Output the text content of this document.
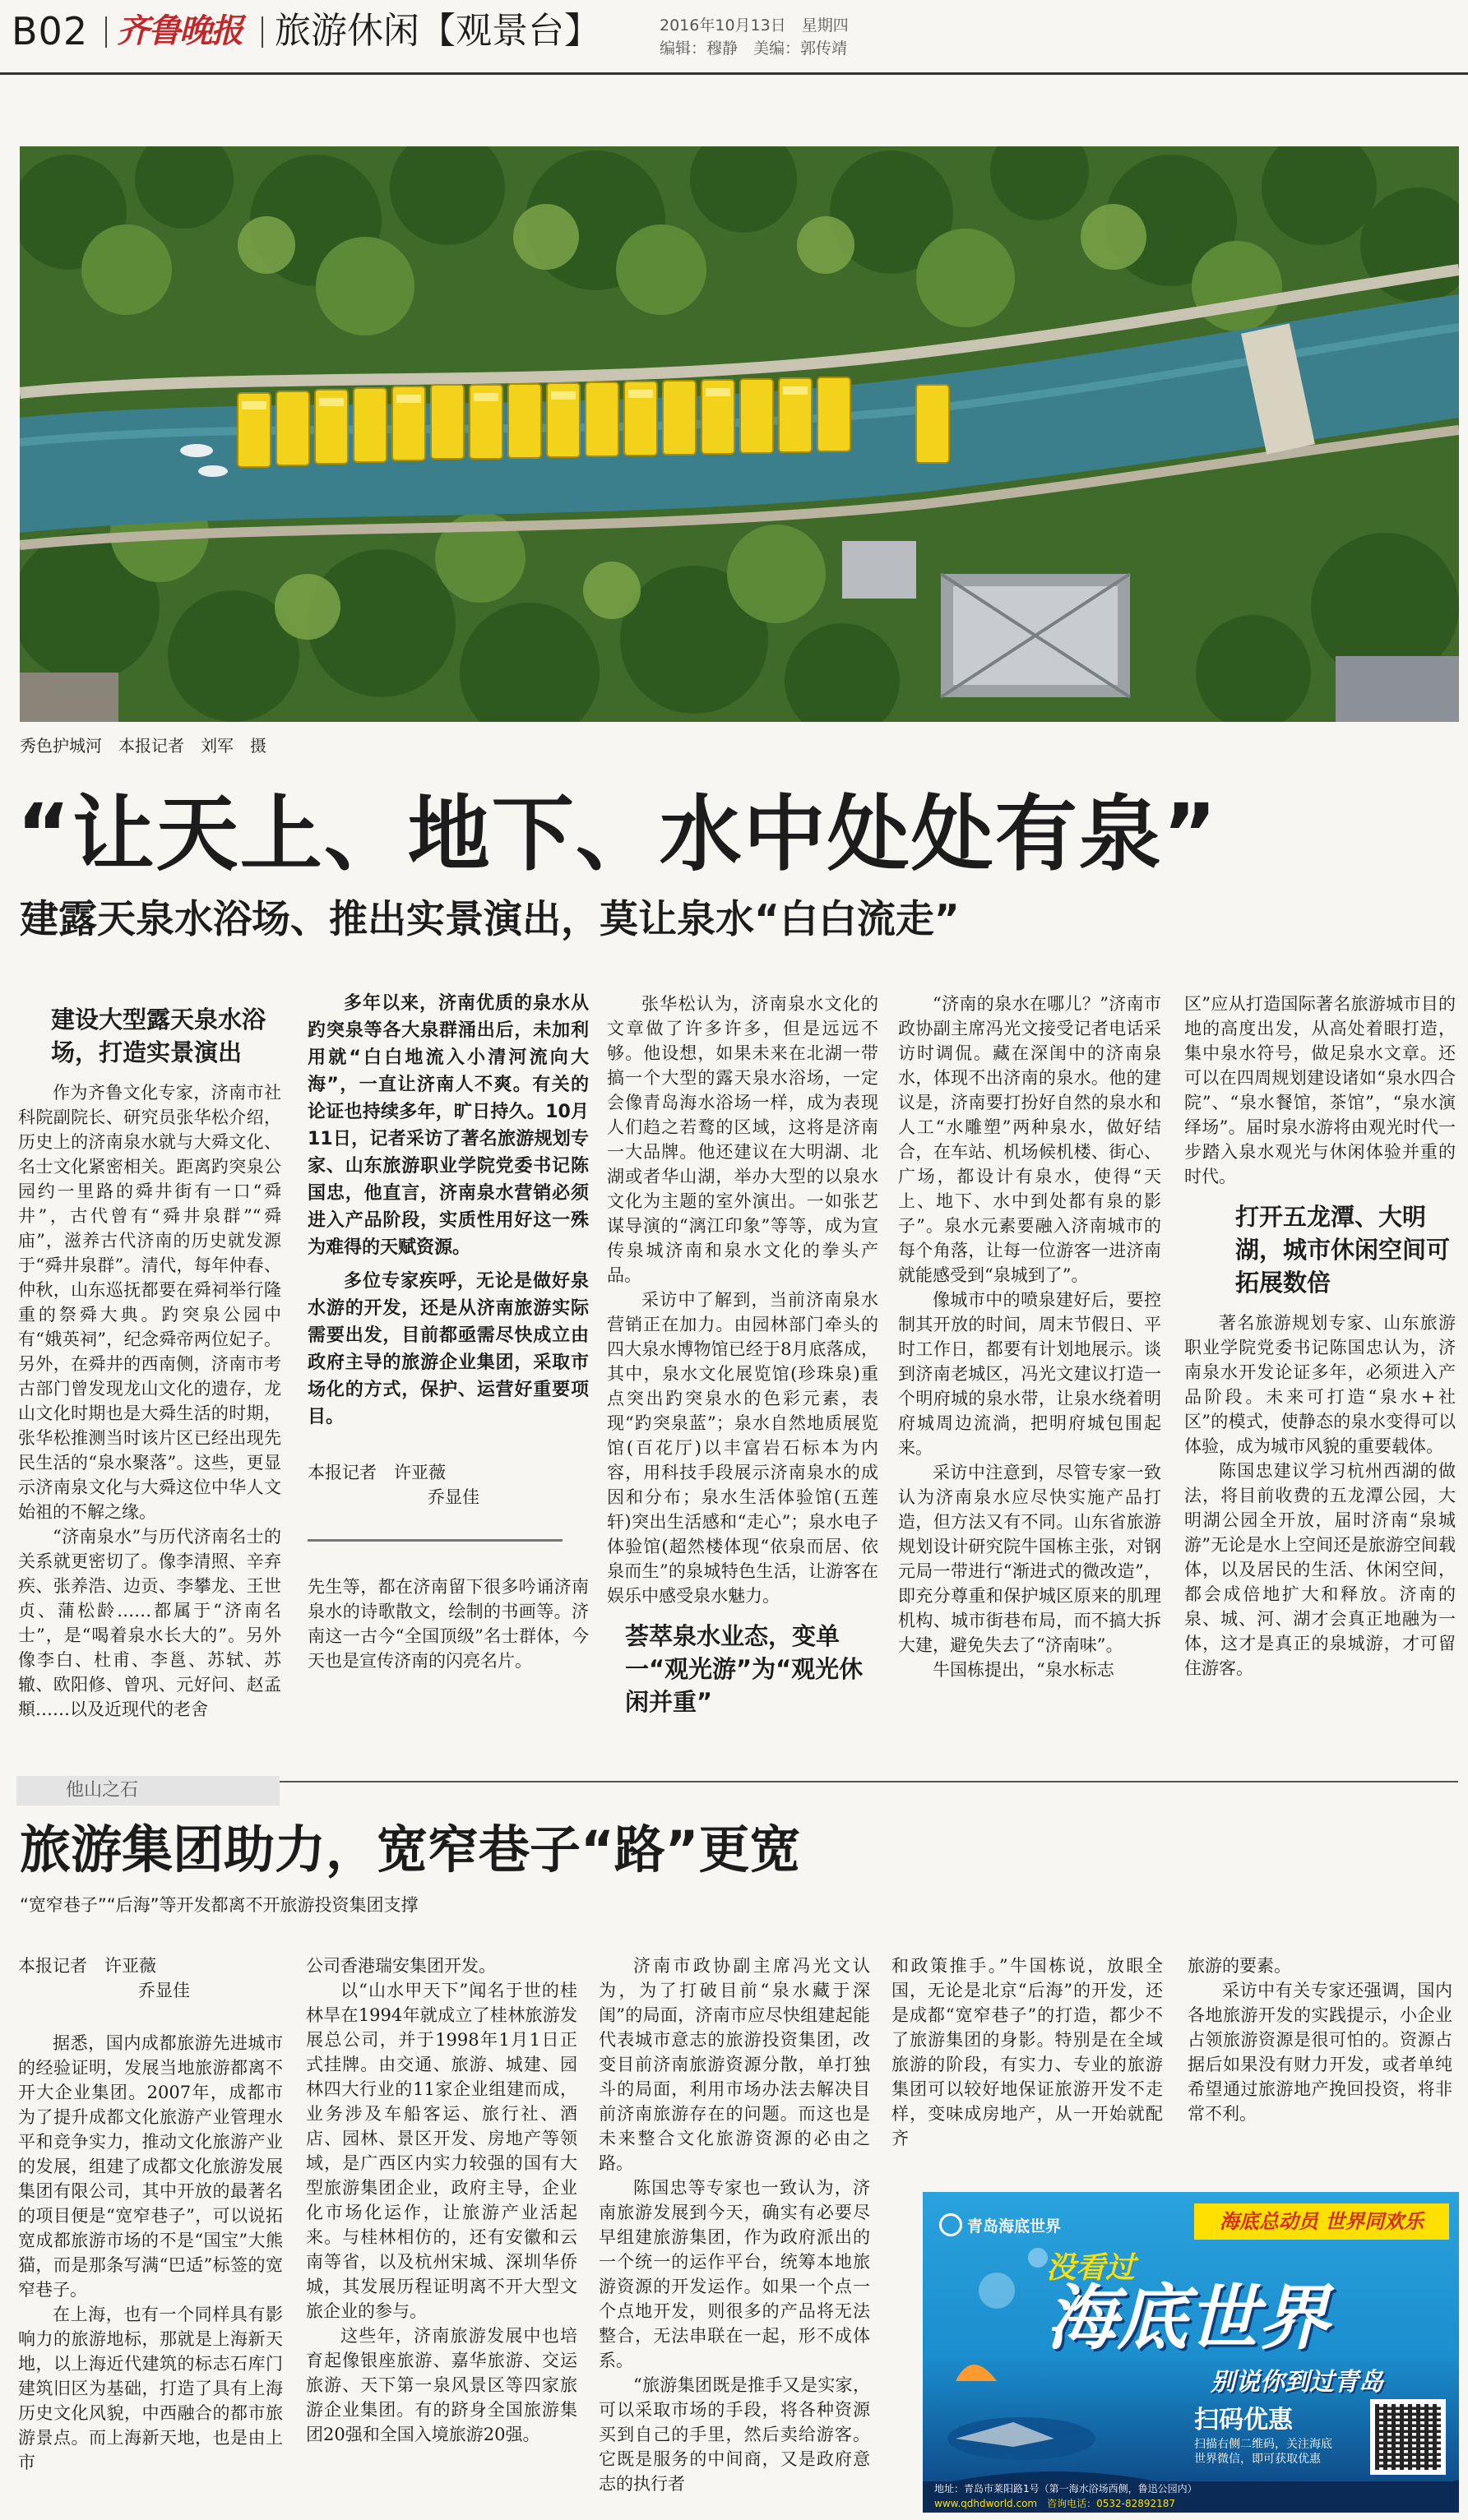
B02 齐鲁晚报 旅游休闲【观景台】	2016年10月13日　星期四
编辑：穆静　美编：郭传靖
秀色护城河　本报记者　刘军　摄
“让天上、地下、水中处处有泉”
建露天泉水浴场、推出实景演出，莫让泉水“白白流走”
建设大型露天泉水浴场，打造实景演出

作为齐鲁文化专家，济南市社科院副院长、研究员张华松介绍，历史上的济南泉水就与大舜文化、名士文化紧密相关。距离趵突泉公园约一里路的舜井街有一口“舜井”，古代曾有“舜井泉群”“舜庙”，滋养古代济南的历史就发源于“舜井泉群”。清代，每年仲春、仲秋，山东巡抚都要在舜祠举行隆重的祭舜大典。趵突泉公园中有“娥英祠”，纪念舜帝两位妃子。另外，在舜井的西南侧，济南市考古部门曾发现龙山文化的遗存，龙山文化时期也是大舜生活的时期，张华松推测当时该片区已经出现先民生活的“泉水聚落”。这些，更显示济南泉文化与大舜这位中华人文始祖的不解之缘。

“济南泉水”与历代济南名士的关系就更密切了。像李清照、辛弃疾、张养浩、边贡、李攀龙、王世贞、蒲松龄……都属于“济南名士”，是“喝着泉水长大的”。另外像李白、杜甫、李邕、苏轼、苏辙、欧阳修、曾巩、元好问、赵孟頫……以及近现代的老舍

多年以来，济南优质的泉水从趵突泉等各大泉群涌出后，未加利用就“白白地流入小清河流向大海”，一直让济南人不爽。有关的论证也持续多年，旷日持久。10月11日，记者采访了著名旅游规划专家、山东旅游职业学院党委书记陈国忠，他直言，济南泉水营销必须进入产品阶段，实质性用好这一殊为难得的天赋资源。

多位专家疾呼，无论是做好泉水游的开发，还是从济南旅游实际需要出发，目前都亟需尽快成立由政府主导的旅游企业集团，采取市场化的方式，保护、运营好重要项目。

本报记者　许亚薇
乔显佳

先生等，都在济南留下很多吟诵济南泉水的诗歌散文，绘制的书画等。济南这一古今“全国顶级”名士群体，今天也是宣传济南的闪亮名片。

张华松认为，济南泉水文化的文章做了许多许多，但是远远不够。他设想，如果未来在北湖一带搞一个大型的露天泉水浴场，一定会像青岛海水浴场一样，成为表现人们趋之若鹜的区域，这将是济南一大品牌。他还建议在大明湖、北湖或者华山湖，举办大型的以泉水文化为主题的室外演出。一如张艺谋导演的“漓江印象”等等，成为宣传泉城济南和泉水文化的拳头产品。

采访中了解到，当前济南泉水营销正在加力。由园林部门牵头的四大泉水博物馆已经于8月底落成，其中，泉水文化展览馆(珍珠泉)重点突出趵突泉水的色彩元素，表现“趵突泉蓝”；泉水自然地质展览馆(百花厅)以丰富岩石标本为内容，用科技手段展示济南泉水的成因和分布；泉水生活体验馆(五莲轩)突出生活感和“走心”；泉水电子体验馆(超然楼体现“依泉而居、依泉而生”的泉城特色生活，让游客在娱乐中感受泉水魅力。

荟萃泉水业态，变单一“观光游”为“观光休闲并重”

“济南的泉水在哪儿？”济南市政协副主席冯光文接受记者电话采访时调侃。藏在深闺中的济南泉水，体现不出济南的泉水。他的建议是，济南要打扮好自然的泉水和人工“水雕塑”两种泉水，做好结合，在车站、机场候机楼、街心、广场，都设计有泉水，使得“天上、地下、水中到处都有泉的影子”。泉水元素要融入济南城市的每个角落，让每一位游客一进济南就能感受到“泉城到了”。

像城市中的喷泉建好后，要控制其开放的时间，周末节假日、平时工作日，都要有计划地展示。谈到济南老城区，冯光文建议打造一个明府城的泉水带，让泉水绕着明府城周边流淌，把明府城包围起来。

采访中注意到，尽管专家一致认为济南泉水应尽快实施产品打造，但方法又有不同。山东省旅游规划设计研究院牛国栋主张，对钢元局一带进行“渐进式的微改造”，即充分尊重和保护城区原来的肌理机构、城市街巷布局，而不搞大拆大建，避免失去了“济南味”。

牛国栋提出，“泉水标志

区”应从打造国际著名旅游城市目的地的高度出发，从高处着眼打造，集中泉水符号，做足泉水文章。还可以在四周规划建设诸如“泉水四合院”、“泉水餐馆，茶馆”，“泉水演绎场”。届时泉水游将由观光时代一步踏入泉水观光与休闲体验并重的时代。

打开五龙潭、大明湖，城市休闲空间可拓展数倍

著名旅游规划专家、山东旅游职业学院党委书记陈国忠认为，济南泉水开发论证多年，必须进入产品阶段。未来可打造“泉水+社区”的模式，使静态的泉水变得可以体验，成为城市风貌的重要载体。

陈国忠建议学习杭州西湖的做法，将目前收费的五龙潭公园，大明湖公园全开放，届时济南“泉城游”无论是水上空间还是旅游空间载体，以及居民的生活、休闲空间，都会成倍地扩大和释放。济南的泉、城、河、湖才会真正地融为一体，这才是真正的泉城游，才可留住游客。

他山之石
旅游集团助力，宽窄巷子“路”更宽
“宽窄巷子”“后海”等开发都离不开旅游投资集团支撑
本报记者　许亚薇
乔显佳

据悉，国内成都旅游先进城市的经验证明，发展当地旅游都离不开大企业集团。2007年，成都市为了提升成都文化旅游产业管理水平和竞争实力，推动文化旅游产业的发展，组建了成都文化旅游发展集团有限公司，其中开放的最著名的项目便是“宽窄巷子”，可以说拓宽成都旅游市场的不是“国宝”大熊猫，而是那条写满“巴适”标签的宽窄巷子。

在上海，也有一个同样具有影响力的旅游地标，那就是上海新天地，以上海近代建筑的标志石库门建筑旧区为基础，打造了具有上海历史文化风貌，中西融合的都市旅游景点。而上海新天地，也是由上市

公司香港瑞安集团开发。

以“山水甲天下”闻名于世的桂林旱在1994年就成立了桂林旅游发展总公司，并于1998年1月1日正式挂牌。由交通、旅游、城建、园林四大行业的11家企业组建而成，业务涉及车船客运、旅行社、酒店、园林、景区开发、房地产等领域，是广西区内实力较强的国有大型旅游集团企业，政府主导，企业化市场化运作，让旅游产业活起来。与桂林相仿的，还有安徽和云南等省，以及杭州宋城、深圳华侨城，其发展历程证明离不开大型文旅企业的参与。

这些年，济南旅游发展中也培育起像银座旅游、嘉华旅游、交运旅游、天下第一泉风景区等四家旅游企业集团。有的跻身全国旅游集团20强和全国入境旅游20强。

济南市政协副主席冯光文认为，为了打破目前“泉水藏于深闺”的局面，济南市应尽快组建起能代表城市意志的旅游投资集团，改变目前济南旅游资源分散，单打独斗的局面，利用市场办法去解决目前济南旅游存在的问题。而这也是未来整合文化旅游资源的必由之路。

陈国忠等专家也一致认为，济南旅游发展到今天，确实有必要尽早组建旅游集团，作为政府派出的一个统一的运作平台，统筹本地旅游资源的开发运作。如果一个点一个点地开发，则很多的产品将无法整合，无法串联在一起，形不成体系。

“旅游集团既是推手又是实家，可以采取市场的手段，将各种资源买到自己的手里，然后卖给游客。它既是服务的中间商，又是政府意志的执行者

和政策推手。”牛国栋说，放眼全国，无论是北京“后海”的开发，还是成都“宽窄巷子”的打造，都少不了旅游集团的身影。特别是在全域旅游的阶段，有实力、专业的旅游集团可以较好地保证旅游开发不走样，变味成房地产，从一开始就配齐

旅游的要素。

采访中有关专家还强调，国内各地旅游开发的实践提示，小企业占领旅游资源是很可怕的。资源占据后如果没有财力开发，或者单纯希望通过旅游地产挽回投资，将非常不利。

青岛海底世界	海底总动员 世界同欢乐
没看过
海底世界
别说你到过青岛
扫码优惠
扫描右侧二维码，关注海底世界微信，即可获取优惠
地址：青岛市莱阳路1号（第一海水浴场西侧，鲁迅公园内）
www.qdhdworld.com　咨询电话：0532-82892187
